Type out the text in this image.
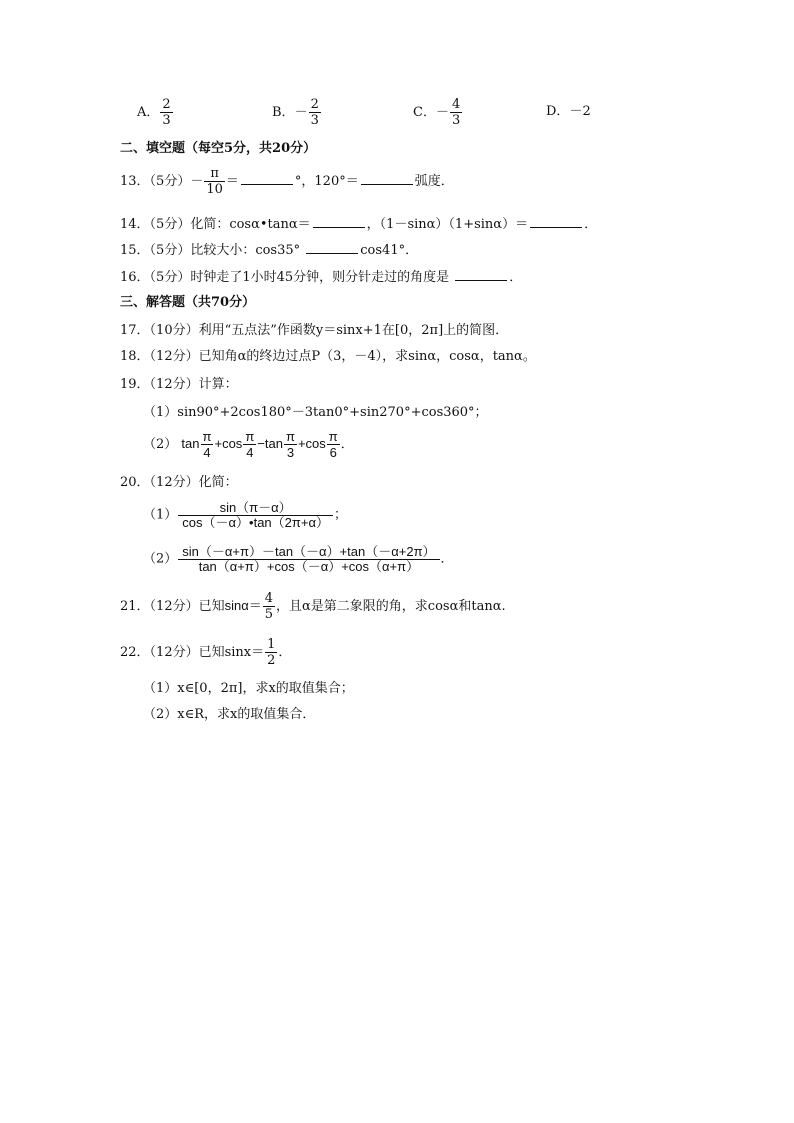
A． $\frac{2}{3}$	B．－ $\frac{2}{3}$	C．－ $\frac{4}{3}$	D．－2
二、填空题（每空5分，共20分）
13．（5分）－ $\frac{\pi}{10}$ ＝	°，120°＝	弧度．
14．（5分）化简：cosα•tanα＝	，（1－sinα）（1+sinα）＝	．
15．（5分）比较大小：cos35°	cos41°．
16．（5分）时钟走了1小时45分钟，则分针走过的角度是	．
三、解答题（共70分）
17．（10分）利用“五点法”作函数y＝sinx+1在[0，2π]上的简图．
18．（12分）已知角α的终边过点P（3，－4），求sinα，cosα，tanα。
19．（12分）计算：
（1）sin90°+2cos180°－3tan0°+sin270°+cos360°；
（2） $\tan \frac{\pi}{4} +\cos \frac{\pi}{4} -\tan \frac{\pi}{3} +\cos \frac{\pi}{6}$ ．
20．（12分）化简：
$(1) \frac{\sin(\pi-\alpha)}{\cos(-\alpha)•\tan(2\pi+\alpha)}$ ；
$(2) \frac{\sin(-\alpha+\pi)-\tan(-\alpha)+\tan(-\alpha+2\pi)}{\tan(\alpha+\pi)+\cos(-\alpha)+\cos(\alpha+\pi)}$ ．
21．（12分）已知$\sin\alpha= \frac{4}{5}$ ，且α是第二象限的角，求cosα和tanα.
22．（12分）已知$\sin x= \frac{1}{2}$ ．
（1）x∈[0，2π]，求x的取值集合；
（2）x∈R，求x的取值集合．
